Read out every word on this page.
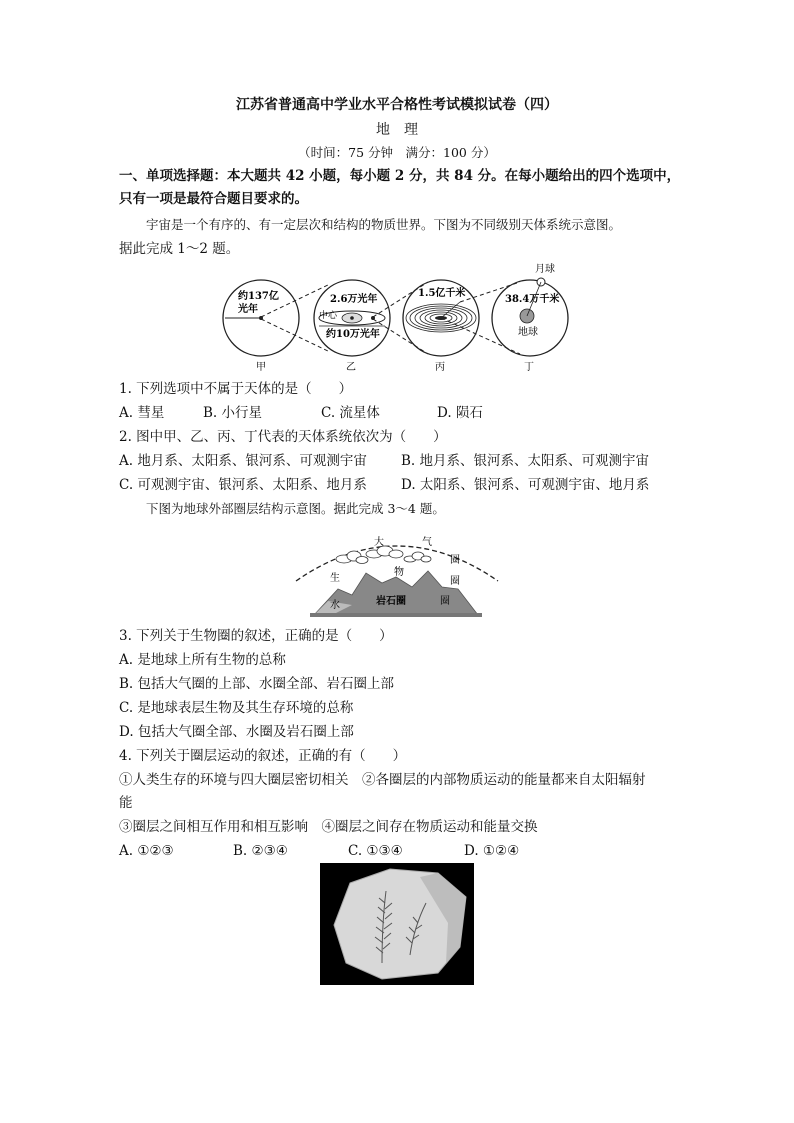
江苏省普通高中学业水平合格性考试模拟试卷（四）
地　理
（时间：75 分钟　满分：100 分）
一、单项选择题：本大题共 42 小题，每小题 2 分，共 84 分。在每小题给出的四个选项中，
只有一项是最符合题目要求的。
宇宙是一个有序的、有一定层次和结构的物质世界。下图为不同级别天体系统示意图。
据此完成 1～2 题。
约137亿
光年
2.6万光年
中心
约10万光年
1.5亿千米
月球
38.4万千米
地球
甲	乙	丙	丁
1. 下列选项中不属于天体的是（　　）
A. 彗星	B. 小行星	C. 流星体	D. 陨石
2. 图中甲、乙、丙、丁代表的天体系统依次为（　　）
A. 地月系、太阳系、银河系、可观测宇宙	B. 地月系、银河系、太阳系、可观测宇宙
C. 可观测宇宙、银河系、太阳系、地月系	D. 太阳系、银河系、可观测宇宙、地月系
下图为地球外部圈层结构示意图。据此完成 3～4 题。
大	气
圈
生
物
圈
水	岩石圈	圈
3. 下列关于生物圈的叙述，正确的是（　　）
A. 是地球上所有生物的总称
B. 包括大气圈的上部、水圈全部、岩石圈上部
C. 是地球表层生物及其生存环境的总称
D. 包括大气圈全部、水圈及岩石圈上部
4. 下列关于圈层运动的叙述，正确的有（　　）
①人类生存的环境与四大圈层密切相关　②各圈层的内部物质运动的能量都来自太阳辐射
能
③圈层之间相互作用和相互影响　④圈层之间存在物质运动和能量交换
A. ①②③	B. ②③④	C. ①③④	D. ①②④
